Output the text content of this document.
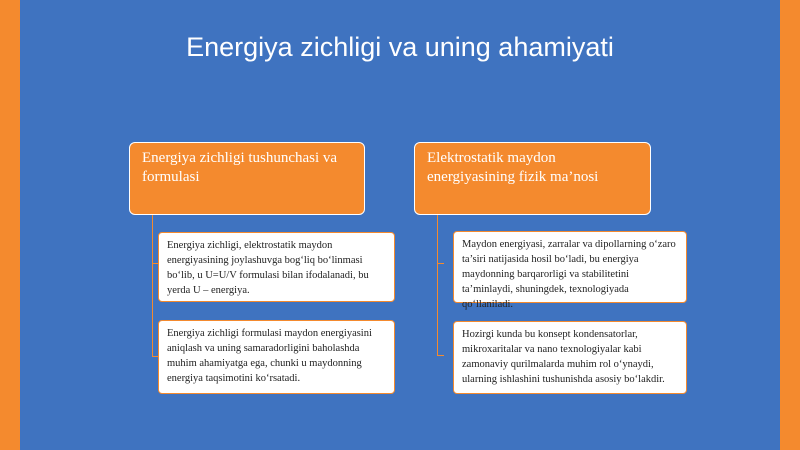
Energiya zichligi va uning ahamiyati
Energiya zichligi tushunchasi va formulasi
Energiya zichligi, elektrostatik maydon energiyasining joylashuvga bog‘liq bo‘linmasi bo‘lib, u U=U/V formulasi bilan ifodalanadi, bu yerda U – energiya.
Energiya zichligi formulasi maydon energiyasini aniqlash va uning samaradorligini baholashda muhim ahamiyatga ega, chunki u maydonning energiya taqsimotini ko‘rsatadi.
Elektrostatik maydon energiyasining fizik ma’nosi
Maydon energiyasi, zarralar va dipollarning o‘zaro ta’siri natijasida hosil bo‘ladi, bu energiya maydonning barqarorligi va stabilitetini ta’minlaydi, shuningdek, texnologiyada qo‘llaniladi.
Hozirgi kunda bu konsept kondensatorlar, mikroxaritalar va nano texnologiyalar kabi zamonaviy qurilmalarda muhim rol o‘ynaydi, ularning ishlashini tushunishda asosiy bo‘lakdir.
